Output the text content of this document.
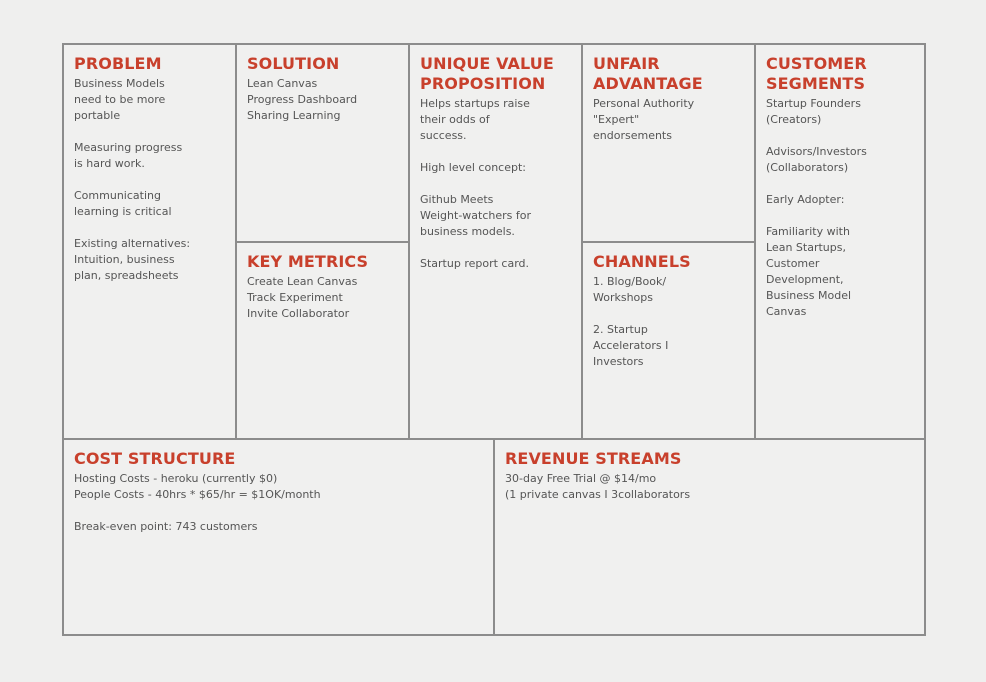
PROBLEM
Business Models
need to be more
portable

Measuring progress
is hard work.

Communicating
learning is critical

Existing alternatives:
Intuition, business
plan, spreadsheets
SOLUTION
Lean Canvas
Progress Dashboard
Sharing Learning
KEY METRICS
Create Lean Canvas
Track Experiment
Invite Collaborator
UNIQUE VALUE PROPOSITION
Helps startups raise
their odds of
success.

High level concept:

Github Meets
Weight-watchers for
business models.

Startup report card.
UNFAIR ADVANTAGE
Personal Authority
"Expert"
endorsements
CHANNELS
1. Blog/Book/
Workshops

2. Startup
Accelerators I
Investors
CUSTOMER SEGMENTS
Startup Founders
(Creators)

Advisors/Investors
(Collaborators)

Early Adopter:

Familiarity with
Lean Startups,
Customer
Development,
Business Model
Canvas
COST STRUCTURE
Hosting Costs - heroku (currently $0)
People Costs - 40hrs * $65/hr = $1OK/month

Break-even point: 743 customers
REVENUE STREAMS
30-day Free Trial @ $14/mo
(1 private canvas I 3collaborators
